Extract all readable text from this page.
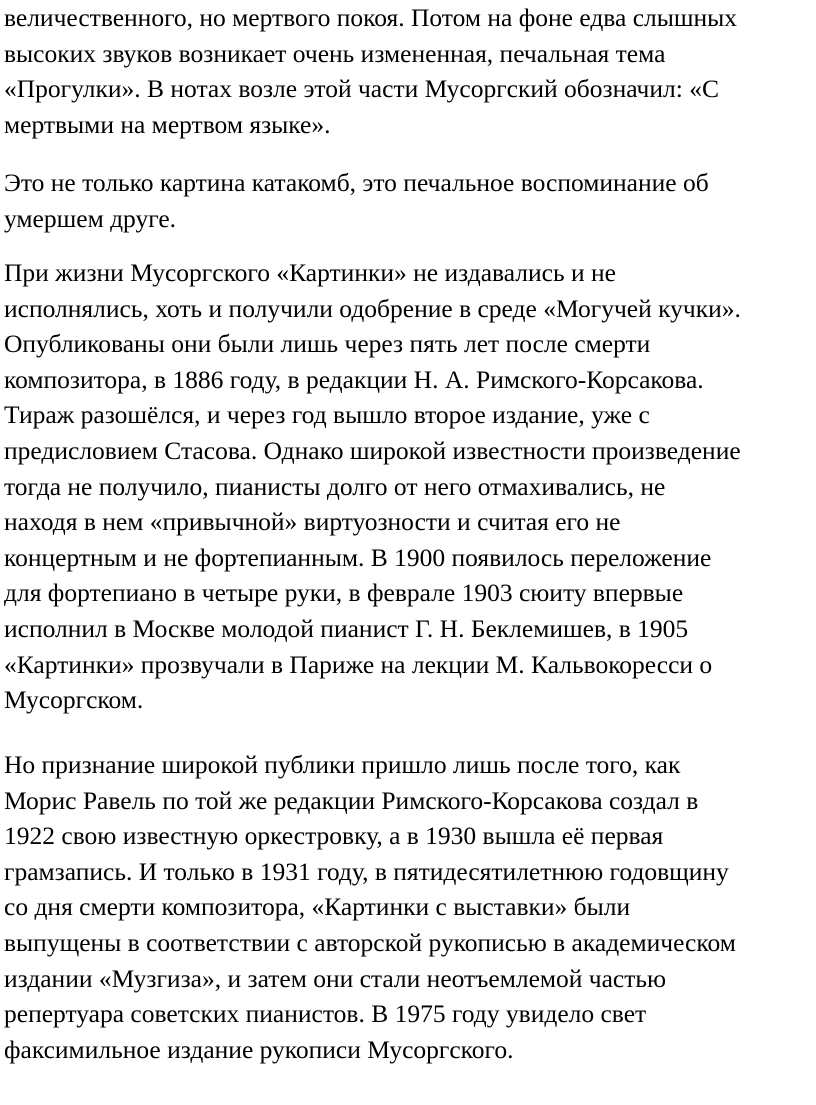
величественного, но мертвого покоя. Потом на фоне едва слышных
высоких звуков возникает очень измененная, печальная тема
«Прогулки». В нотах возле этой части Мусоргский обозначил: «С
мертвыми на мертвом языке».

Это не только картина катакомб, это печальное воспоминание об
умершем друге.

При жизни Мусоргского «Картинки» не издавались и не
исполнялись, хоть и получили одобрение в среде «Могучей кучки».
Опубликованы они были лишь через пять лет после смерти
композитора, в 1886 году, в редакции Н. А. Римского-Корсакова.
Тираж разошёлся, и через год вышло второе издание, уже с
предисловием Стасова. Однако широкой известности произведение
тогда не получило, пианисты долго от него отмахивались, не
находя в нем «привычной» виртуозности и считая его не
концертным и не фортепианным. В 1900 появилось переложение
для фортепиано в четыре руки, в феврале 1903 сюиту впервые
исполнил в Москве молодой пианист Г. Н. Беклемишев, в 1905
«Картинки» прозвучали в Париже на лекции М. Кальвокоресси о
Мусоргском.

Но признание широкой публики пришло лишь после того, как
Морис Равель по той же редакции Римского-Корсакова создал в
1922 свою известную оркестровку, а в 1930 вышла её первая
грамзапись. И только в 1931 году, в пятидесятилетнюю годовщину
со дня смерти композитора, «Картинки с выставки» были
выпущены в соответствии с авторской рукописью в академическом
издании «Музгиза», и затем они стали неотъемлемой частью
репертуара советских пианистов. В 1975 году увидело свет
факсимильное издание рукописи Мусоргского.
